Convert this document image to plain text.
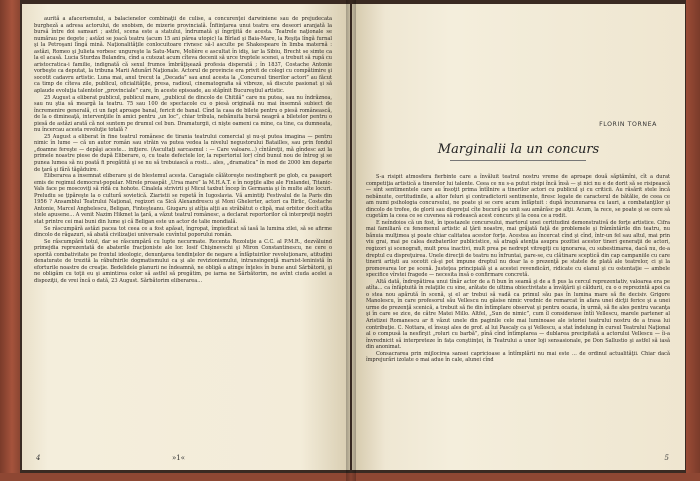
aurită a afacerismului, a balacienelor combinaţii de culise, a concurenţei darwiniene sau de prejudecata burgheză a adresa actorului, de snobism, de mizerie provincială. Înfiinţarea unui teatru era deseori aranjată la bursă între doi samsari ; astfel, scena este a statului, îndrumată şi îngrijită de acesta. Teatrele naţionale se numărau pe degete ; astăzi se joacă teatru (acum 15 ani părea utopic) la Bîrlad şi Baia-Mare, la Reşiţa lîngă furnal şi la Petroşani lîngă mină. Naţionalităţile conlocuitoare rivnesc să-l asculte pe Shakespeare în limba maternă : astăzi, Romeo şi Julieta vorbesc ungureşte la Satu-Mare, Molière e ascultat în idiş, iar la Sibiu, Brecht se simte ca la el acasă. Lucia Sturdza Bulandra, cînd a cutezat acum cîteva decenii să urce treptele scenei, a trebuit să rupă cu aristocratica-i familie, indignată că sexul frumos îmbrăţişează profesia disperată ; în 1837, Costache Antonie vorbeşte ca deputat, la tribuna Marii Adunări Naţionale. Actorul de provincie era privit de colegi cu compătimire şi socotit cadavru artistic. Luna mai, anul trecut la „Decada” sau anul acesta la „Concursul tinerilor actori” au făcut ca timp de cîteva zile, publicul, oficialităţile, presa, radioul, cinematografia să vibreze, să discute pasionat şi să aplaude evoluţia talentelor „provinciale” care, în aceste episoade, au stăpînit Bucureştiul artistic.

25 August a eliberat publicul, publicul mare, „publicul de dincolo de Chitilă” care nu putea, sau nu îndrăznea, sau nu ştia să meargă la teatru. 75 sau 100 de spectacole cu o piesă originală nu mai însemnă subiect de încremenire generală, ci un fapt aproape banal, fericit de banal. Cînd la casa de bilete pentru o piesă românească, de la o dimineaţă, intervenţiile în amici pentru „un loc”, chiar tribula, nebănuita bursă neagră a biletelor pentru o piesă de astăzi arată că noi suntem pe drumul cel bun. Dramaturgii, ci nişte oameni ca mine, ca tine, ca dumneata, nu încercau acesta revoluţie totală ?

25 August a eliberat în fine teatrul românesc de tirania teatrului comercial şi nu-şi putea imagina — pentru nimic în lume — că un autor român sau străin va putea vedea la nivelul negustorului Batailles, sau prin fondul „doamne fereşte — depăşi aceste... iniţiere. (Ascultaţi sarcasmul : — Care valoare...) cîntăreţii, mă gîndesc azi la primele noastre piese de după Eliberare, o, cu toate defectele lor, la repertoriul lor) cînd bunul nou de întreg şi se punea lumea să nu poată fi pregătită şi se nu să trebuiască a rosti... ales, „dramatica” în mod de 2000 km departe de ţară şi fără tăgăduire.

Eliberarea a însemnat eliberare şi de blestemul acesta. Caragiale călătoreşte nestingherit pe glob, cu pasaport emis de regimul democrat-popular. Mirele proaspăt „Ursa mare” la M.H.A.T. e în nopţile albe ale Finlandei, Titanic-Vals face pe moscoviţi să rîdă cu hohote. Cinalela strivirii şi Micul taxbut încep în Germania şi în multe alte locuri. Preludiu se ţipăreşte la o cultură sovietică. Ziaristii se repetă în Iugoslavia. Vă amintiţi Festivalul de la Paris din 1956 ? Ansamblul Teatrului Naţional, regizori ca Sică Alexandrescu şi Moni Ghelerter, actori ca Birlic, Costache Antonie, Marcel Anghelescu, Beligan, Finteşteanu. Giugaru şi atîţia alţii au străbătut o clipă, mai orbitor decît atîta stele apusene... A venit Nazim Hikmet la ţară, a văzut teatrul românesc, a declarat reportorilor că interpreţii noştri stat printre cei mai buni din lume şi că Beligan este un actor de talie mondială.

Se răscumpără astăzi pacea tot ceea ce a fost apăsat, îngropat, împiedicat să iasă la lumina zilei, să se afirme dincolo de răgazuri, să abată civilizaţiei universale cuvîntul poporului român.

Se răscumpără totul, dar se răscumpără cu lupte necurmate. Recenta Rezoluţie a C.C. al P.M.R., dezvăluind primejdia reprezentată de abaterile fracţioniste ale lor. Iosif Chişinevschi şi Miron Constantinescu, ne cere o sporită combativitate pe frontul ideologic, denunţarea tendinţelor de negare a înfăptuirilor revoluţionare, atitudini denaturate de trezită la răbufnirile dogmatismului ca şi ale revizionismului, intransingenţă marxist-leninistă în eforturile noastre de creaţie. Bedelidele planurii ne îndeamnă, ne obligă a atinge înţeles în bune anul Sărbătorii, şi ne obligăm cu toţii eu şi amintirea celor să astfel să pregătim, pe iarna ne Sărbătorim, ne avînt ciuda acelei a dispoziţii, de vrei încă o dată, 23 August. Sărbătorim eliberarea...

»1«
4
FLORIN TORNEA
Marginalii la un concurs

S-a risipit atmosfera fierbinte care a învăluit teatrul nostru vreme de aproape două săptămîni, cît a durat competiţia artistică a tinerelor lui talente. Ceea ce nu s-a putut risipi încă însă — şi nici nu e de dorit să se risipească — sînt sentimentele care au însoţit prima întîlnire a tinerilor actori cu publicul şi cu criticii. Au răsărit stele încă nebănuite, certitudinile, a altor feluri şi contradictorii sentimente, firesc legate de caracterul de bătălie, de ceea ce am numi psihologia concursului, ne poate şi se cere acum înfăptuit : după încununarea cu lauri, a combatanţilor şi dincolo de trofee, de glorii sau dispreţul cîte bucură pe unii sau amărăsc pe alţii. Acum, la rece, se poate şi se cere să cugetăm la ceea ce se cuvenea să rodească acest concurs şi la ceea ce a rodit.

E neîndoios că un fost, în ipostazele concursului, martorul unei certitudini demonstrativă de forţe artistice. Cifra mai familiară cu fenomenul artistic al ţării noastre, mai grăjată faţă de problemele şi frămîntările din teatru, nu bănuia mulţimea şi poate chiar calitatea acestor forţe. Acestea au încercat cînd şi cînd, într-un fel sau altul, mai prin viu grai, mai pe calea dezbaterilor publicistice, să atragă atenţia asupra pozitiei acestor tineri generaţii de actori, regizori şi scenografi, mult prea inactivi, mult prea pe nedrept vitregiţi cu ignorarea, cu subestimarea, dacă nu, de-a dreptul cu dispreţuirea. Unele direcţii de teatru nu înfruntai, pare-se, cu clătinare sceptică din cap campaniile cu care tinerii artişti au socotit că-şi pot impune dreptul nu doar la o prezenţă pe statele de plată ale teatrelor, ci şi la promovarea lor pe scenă. Justeţea principială şi a acestei revendicări, ridicate cu elanul şi cu ostentaţie — ambele specifice vîrstei fragede — necesita însă o confirmare concretă.

Altă dată, îndrepătirea unui tînăr actor de a fi bun în seamă şi de a fi pus la cercul reprezentativ, valoarea era pe atîta... ca înfăptuită în relaţiile cu sine, arătate de ultima obiectivitate a învăţării şi căldurii, cu o o reprezintă apoi ca o stea nou apărută în scenă, şi el ar trebui să vadă ca primul său pas în lumina mare să fie decisiv. Grigore Manolescu, în care profesorul său Vellescu nu găsise nimic vrednic de remarcat în afara unei dicţii ferice şi a unei urme de prezenţă scenică, a trebuit să fie din întîmplare observat şi pentru ocazia, în urmă, să fie ales pentru vacanţa şi în care se zice, de către Matei Millo. Altfel, „Sun de nimic”, cum îl considerase întîi Vellescu, marele partener al Aristizei Romanescu ar fi văzut unele din paginile cele mai luminoase ale istoriei teatrului nostru de a trasa lui contribuţie. C. Nottara, el însuşi ales de prof. al lui Pascaly ca şi Vellescu, a stat îndelung în cursul Teatrului Naţional al o compusă la nesfîrşit „roluri cu barbă”, pînă cînd întîmplarea — dublarea precipitată a actorului Vellescu — îi-a învrednicit să interpreteze în fața conştiinţei, în Teatrului a unor loji sensasionale, pe Don Sallustio şi astfel să iasă din anonimat.

Consacrarea prin mijlocirea sansei capricioase a întîmplării nu mai este ... de ordinul actualităţii. Chiar dacă împrejurări izolate o mai adue în cale, alunei cînd

5
